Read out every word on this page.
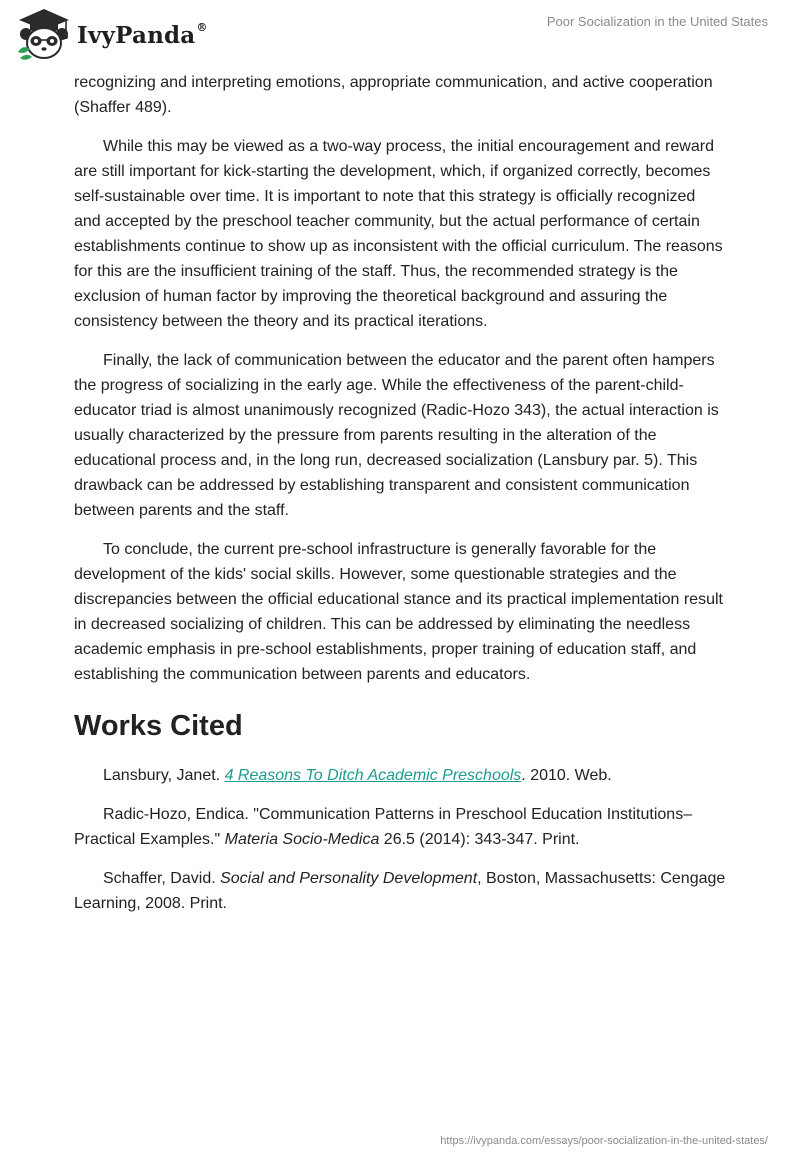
IvyPanda®	Poor Socialization in the United States

recognizing and interpreting emotions, appropriate communication, and active cooperation (Shaffer 489).

While this may be viewed as a two-way process, the initial encouragement and reward are still important for kick-starting the development, which, if organized correctly, becomes self-sustainable over time. It is important to note that this strategy is officially recognized and accepted by the preschool teacher community, but the actual performance of certain establishments continue to show up as inconsistent with the official curriculum. The reasons for this are the insufficient training of the staff. Thus, the recommended strategy is the exclusion of human factor by improving the theoretical background and assuring the consistency between the theory and its practical iterations.

Finally, the lack of communication between the educator and the parent often hampers the progress of socializing in the early age. While the effectiveness of the parent-child-educator triad is almost unanimously recognized (Radic-Hozo 343), the actual interaction is usually characterized by the pressure from parents resulting in the alteration of the educational process and, in the long run, decreased socialization (Lansbury par. 5). This drawback can be addressed by establishing transparent and consistent communication between parents and the staff.

To conclude, the current pre-school infrastructure is generally favorable for the development of the kids' social skills. However, some questionable strategies and the discrepancies between the official educational stance and its practical implementation result in decreased socializing of children. This can be addressed by eliminating the needless academic emphasis in pre-school establishments, proper training of education staff, and establishing the communication between parents and educators.

Works Cited

Lansbury, Janet. 4 Reasons To Ditch Academic Preschools. 2010. Web.

Radic-Hozo, Endica. "Communication Patterns in Preschool Education Institutions–Practical Examples." Materia Socio-Medica 26.5 (2014): 343-347. Print.

Schaffer, David. Social and Personality Development, Boston, Massachusetts: Cengage Learning, 2008. Print.

https://ivypanda.com/essays/poor-socialization-in-the-united-states/
